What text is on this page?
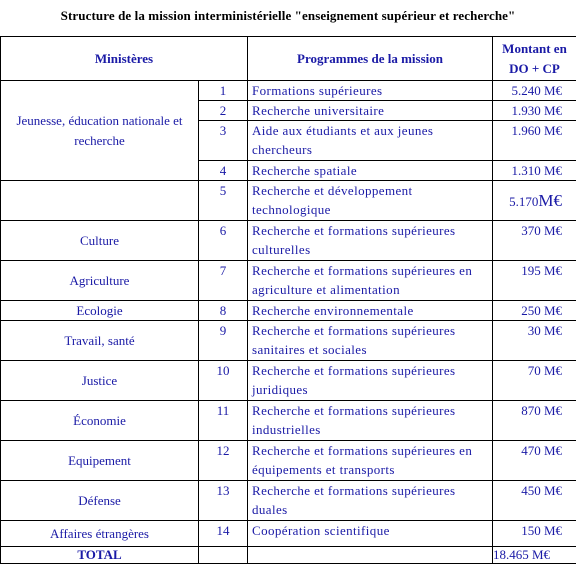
Structure de la mission interministérielle "enseignement supérieur et recherche"
Ministères		Programmes de la mission	Montant en DO + CP
Jeunesse, éducation nationale et recherche	1	Formations supérieures	5.240 M€
	2	Recherche universitaire	1.930 M€
	3	Aide aux étudiants et aux jeunes chercheurs	1.960 M€
	4	Recherche spatiale	1.310 M€
	5	Recherche et développement technologique	5.170M€
Culture	6	Recherche et formations supérieures culturelles	370 M€
Agriculture	7	Recherche et formations supérieures en agriculture et alimentation	195 M€
Ecologie	8	Recherche environnementale	250 M€
Travail, santé	9	Recherche et formations supérieures sanitaires et sociales	30 M€
Justice	10	Recherche et formations supérieures juridiques	70 M€
Économie	11	Recherche et formations supérieures industrielles	870 M€
Equipement	12	Recherche et formations supérieures en équipements et transports	470 M€
Défense	13	Recherche et formations supérieures duales	450 M€
Affaires étrangères	14	Coopération scientifique	150 M€
TOTAL			18.465 M€
